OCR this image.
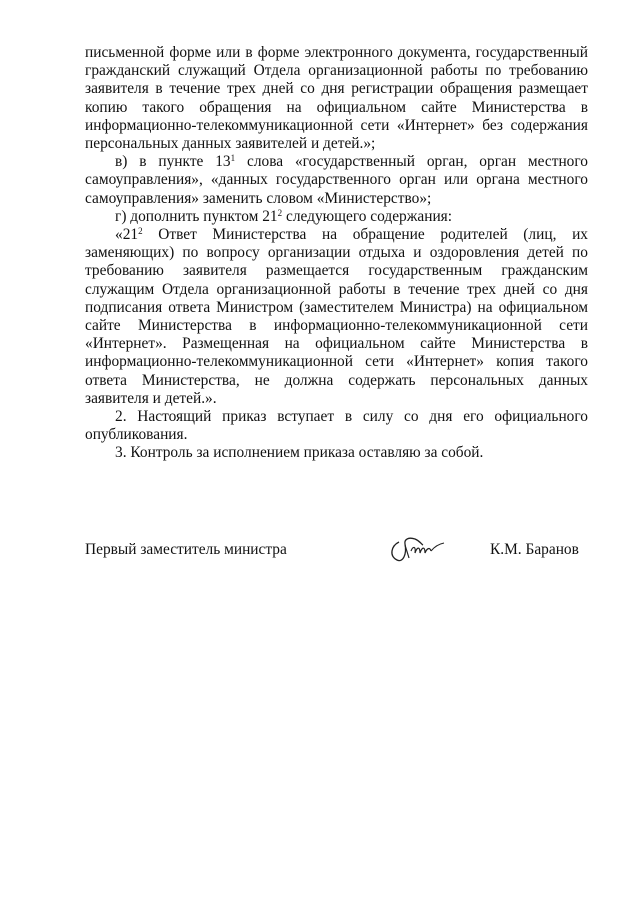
письменной форме или в форме электронного документа, государственный гражданский служащий Отдела организационной работы по требованию заявителя в течение трех дней со дня регистрации обращения размещает копию такого обращения на официальном сайте Министерства в информационно-телекоммуникационной сети «Интернет» без содержания персональных данных заявителей и детей.»;

в) в пункте $13^1$ слова «государственный орган, орган местного самоуправления», «данных государственного орган или органа местного самоуправления» заменить словом «Министерство»;

г) дополнить пунктом $21^2$ следующего содержания:

«$21^2$ Ответ Министерства на обращение родителей (лиц, их заменяющих) по вопросу организации отдыха и оздоровления детей по требованию заявителя размещается государственным гражданским служащим Отдела организационной работы в течение трех дней со дня подписания ответа Министром (заместителем Министра) на официальном сайте Министерства в информационно-телекоммуникационной сети «Интернет». Размещенная на официальном сайте Министерства в информационно-телекоммуникационной сети «Интернет» копия такого ответа Министерства, не должна содержать персональных данных заявителя и детей.».

2. Настоящий приказ вступает в силу со дня его официального опубликования.

3. Контроль за исполнением приказа оставляю за собой.

Первый заместитель министра	К.М. Баранов
